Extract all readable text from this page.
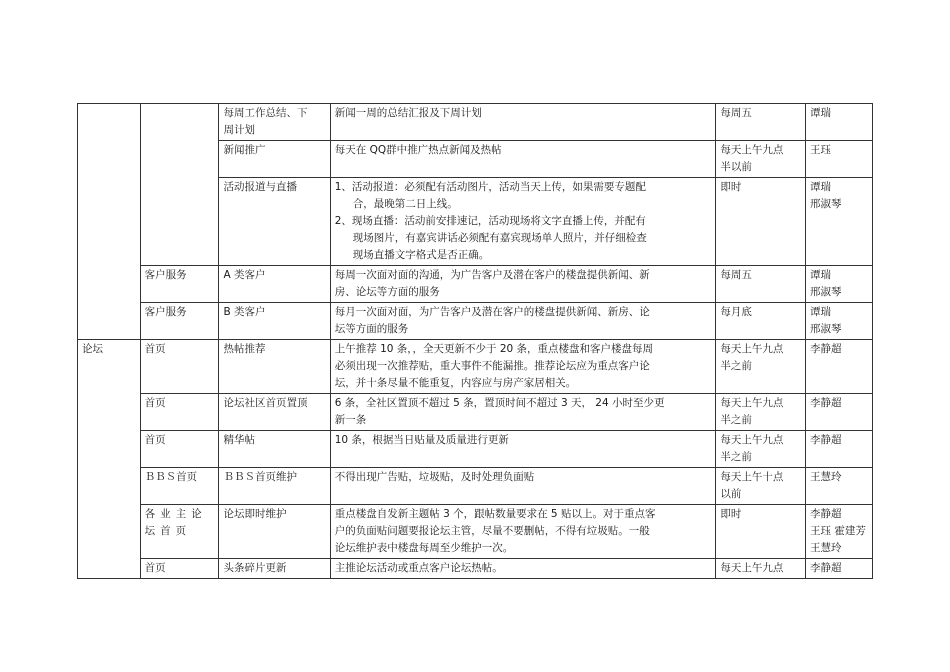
		每周工作总结、下
周计划	新闻一周的总结汇报及下周计划	每周五	谭瑞

		新闻推广	每天在 QQ群中推广热点新闻及热帖	每天上午九点
半以前	王珏

		活动报道与直播	1、活动报道：必须配有活动图片，活动当天上传，如果需要专题配
合，最晚第二日上线。
2、现场直播：活动前安排速记，活动现场将文字直播上传，并配有
现场图片，有嘉宾讲话必须配有嘉宾现场单人照片，并仔细检查
现场直播文字格式是否正确。	即时	谭瑞
邢淑琴

	客户服务	A 类客户	每周一次面对面的沟通，为广告客户及潜在客户的楼盘提供新闻、新
房、论坛等方面的服务	每周五	谭瑞
邢淑琴

	客户服务	B 类客户	每月一次面对面，为广告客户及潜在客户的楼盘提供新闻、新房、论
坛等方面的服务	每月底	谭瑞
邢淑琴

论坛	首页	热帖推荐	上午推荐 10 条，，全天更新不少于 20 条，重点楼盘和客户楼盘每周
必须出现一次推荐贴，重大事件不能漏推。推荐论坛应为重点客户论
坛，并十条尽量不能重复，内容应与房产家居相关。	每天上午九点
半之前	李静超

	首页	论坛社区首页置顶	6 条，全社区置顶不超过 5 条，置顶时间不超过 3 天， 24 小时至少更
新一条	每天上午九点
半之前	李静超

	首页	精华帖	10 条，根据当日贴量及质量进行更新	每天上午九点
半之前	李静超

	ＢＢＳ首页	ＢＢＳ首页维护	不得出现广告贴，垃圾贴，及时处理负面贴	每天上午十点
以前	王慧玲

	各业主论坛首页	论坛即时维护	重点楼盘自发新主题帖 3 个，跟帖数量要求在 5 贴以上。对于重点客
户的负面贴问题要报论坛主管，尽量不要删帖，不得有垃圾贴。一般
论坛维护表中楼盘每周至少维护一次。	即时	李静超
王珏 霍建芳
王慧玲

	首页	头条碎片更新	主推论坛活动或重点客户论坛热帖。	每天上午九点	李静超
